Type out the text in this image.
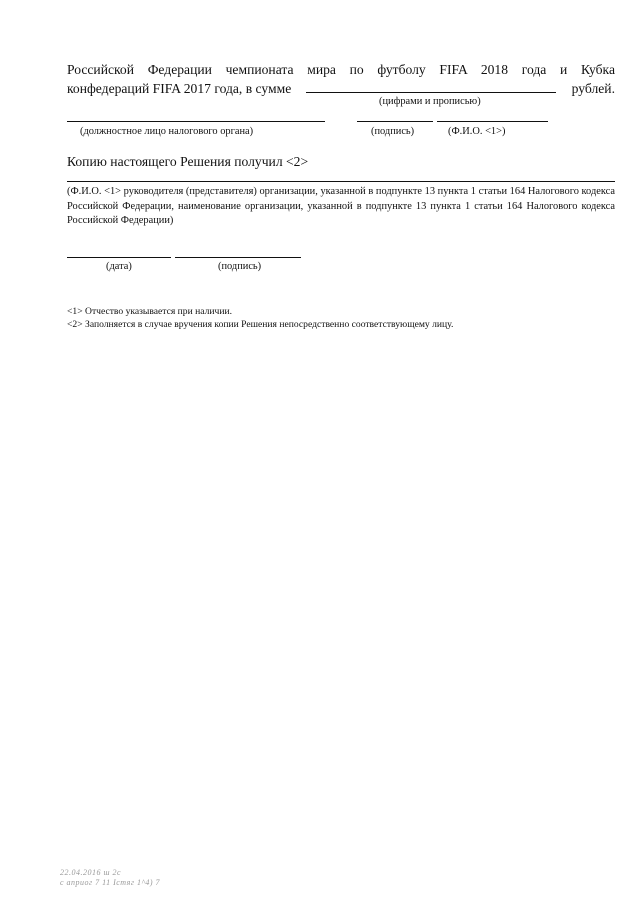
Российской Федерации чемпионата мира по футболу FIFA 2018 года и Кубка
конфедераций FIFA 2017 года, в сумме	рублей.
(цифрами и прописью)
(должностное лицо налогового органа)	(подпись)	(Ф.И.О. <1>)
Копию настоящего Решения получил <2>
(Ф.И.О. <1> руководителя (представителя) организации, указанной в подпункте 13 пункта 1 статьи 164 Налогового кодекса Российской Федерации, наименование организации, указанной в подпункте 13 пункта 1 статьи 164 Налогового кодекса Российской Федерации)
(дата)	(подпись)
<1> Отчество указывается при наличии.
<2> Заполняется в случае вручения копии Решения непосредственно соответствующему лицу.
22.04.2016 ш 2с
с априог 7 11 Iстяг 1^4) 7
